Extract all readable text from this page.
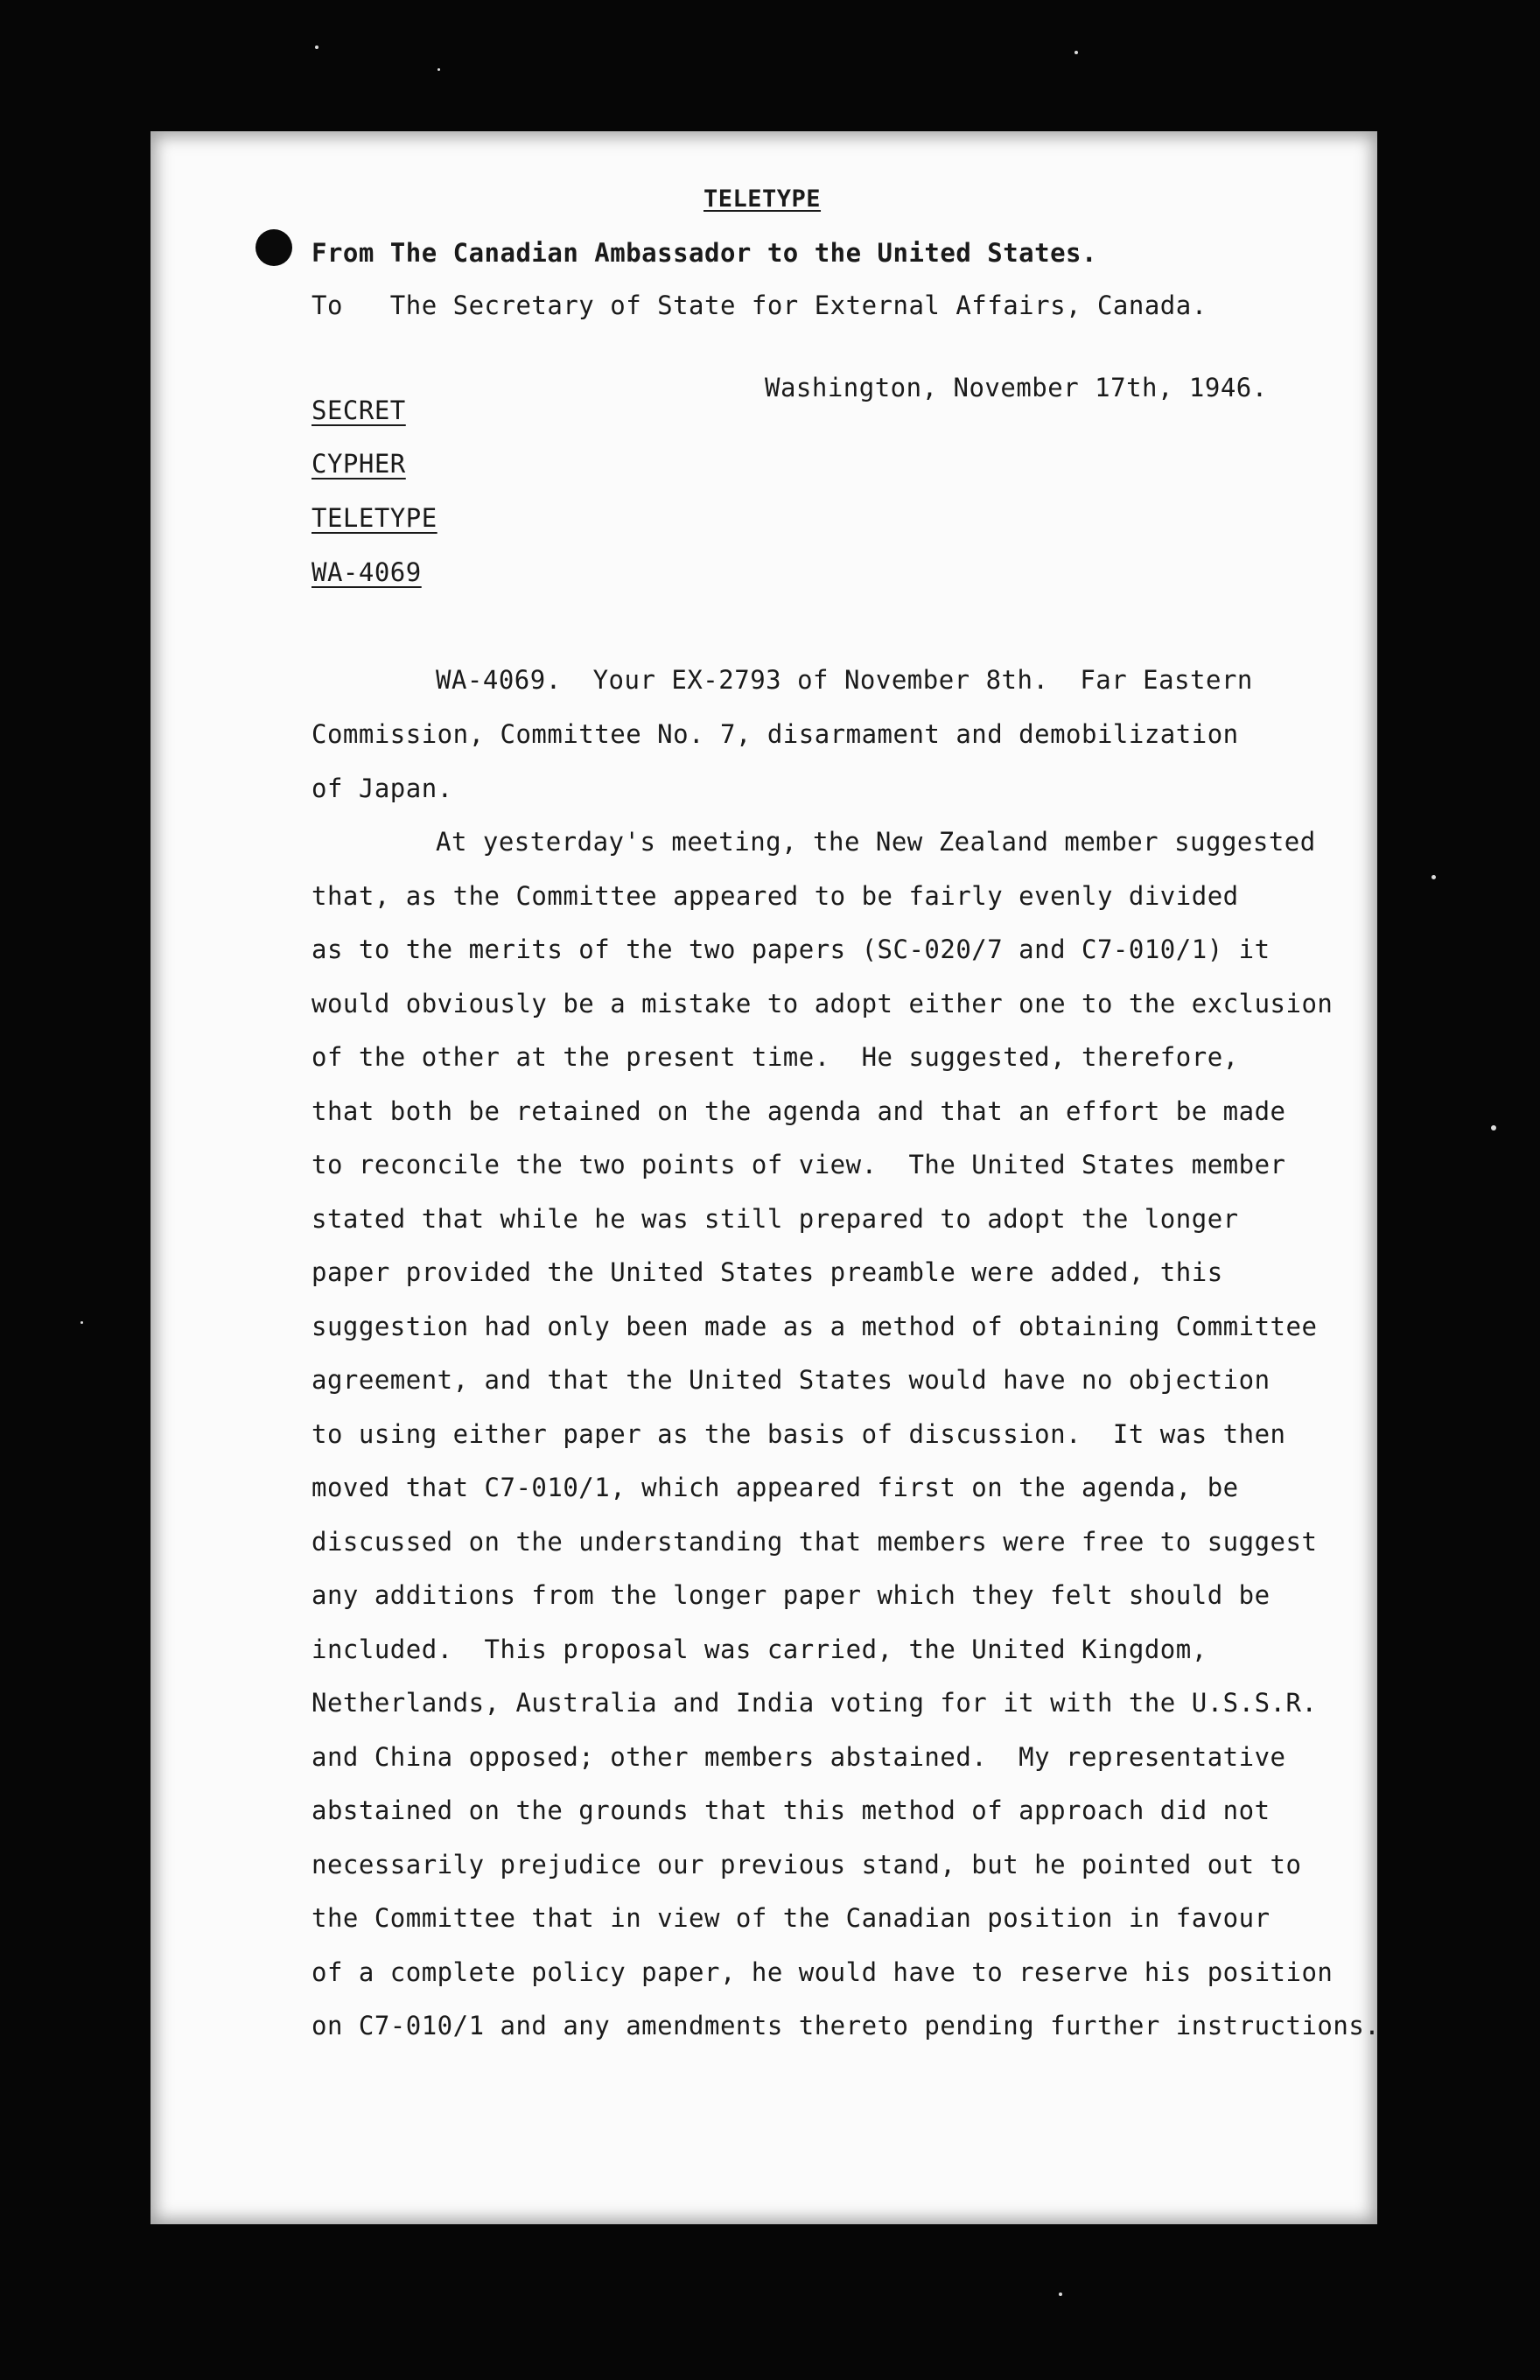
TELETYPE
From The Canadian Ambassador to the United States.
To   The Secretary of State for External Affairs, Canada.
Washington, November 17th, 1946.
SECRET
CYPHER
TELETYPE
WA-4069
WA-4069.  Your EX-2793 of November 8th.  Far Eastern
Commission, Committee No. 7, disarmament and demobilization
of Japan.
At yesterday's meeting, the New Zealand member suggested
that, as the Committee appeared to be fairly evenly divided
as to the merits of the two papers (SC-020/7 and C7-010/1) it
would obviously be a mistake to adopt either one to the exclusion
of the other at the present time.  He suggested, therefore,
that both be retained on the agenda and that an effort be made
to reconcile the two points of view.  The United States member
stated that while he was still prepared to adopt the longer
paper provided the United States preamble were added, this
suggestion had only been made as a method of obtaining Committee
agreement, and that the United States would have no objection
to using either paper as the basis of discussion.  It was then
moved that C7-010/1, which appeared first on the agenda, be
discussed on the understanding that members were free to suggest
any additions from the longer paper which they felt should be
included.  This proposal was carried, the United Kingdom,
Netherlands, Australia and India voting for it with the U.S.S.R.
and China opposed; other members abstained.  My representative
abstained on the grounds that this method of approach did not
necessarily prejudice our previous stand, but he pointed out to
the Committee that in view of the Canadian position in favour
of a complete policy paper, he would have to reserve his position
on C7-010/1 and any amendments thereto pending further instructions.
